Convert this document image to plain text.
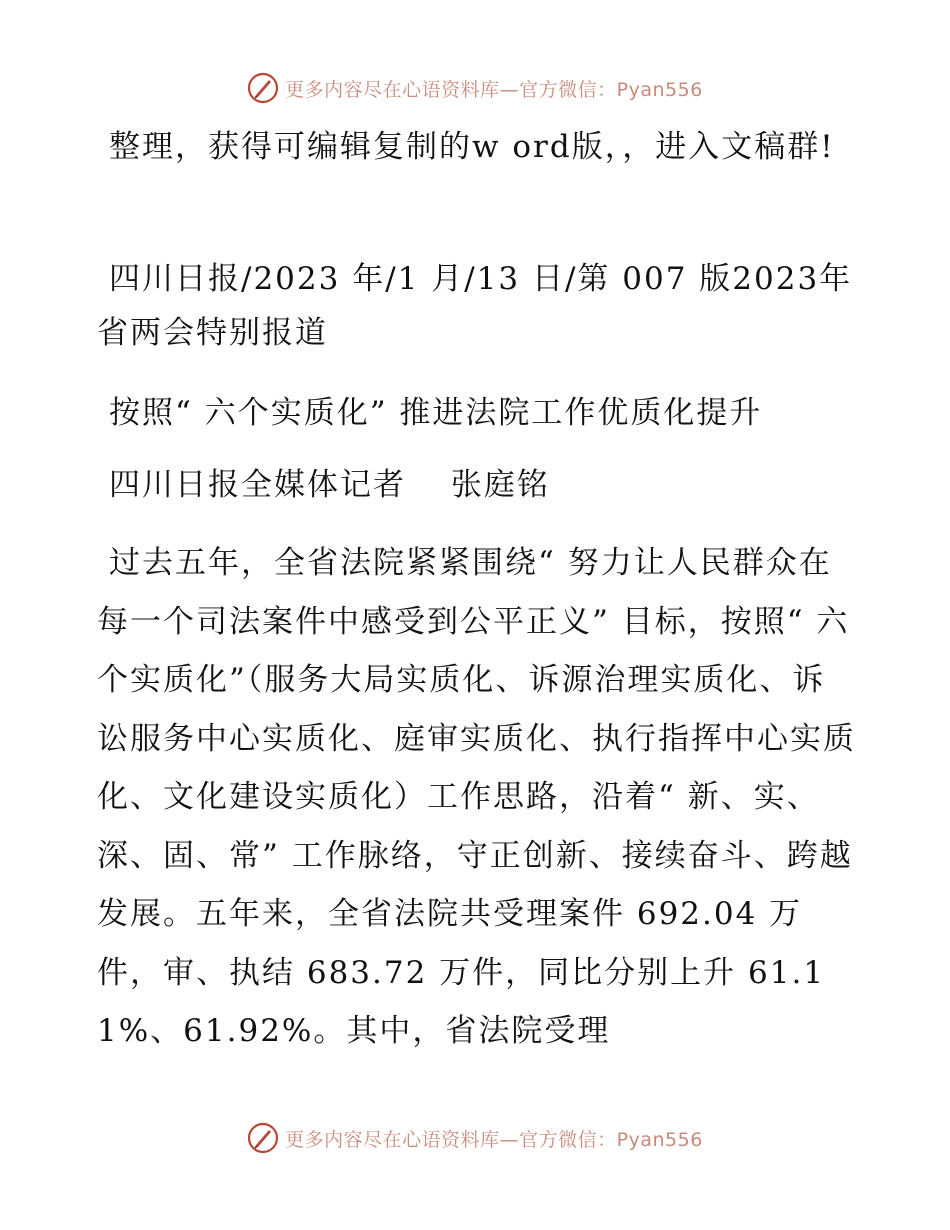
更多内容尽在心语资料库—官方微信：Pyan556

整理，获得可编辑复制的w ord版，，进入文稿群!

四川日报/2023 年/1 月/13 日/第 007 版2023年省两会特别报道

按照“ 六个实质化” 推进法院工作优质化提升

四川日报全媒体记者　 张庭铭

过去五年，全省法院紧紧围绕“ 努力让人民群众在每一个司法案件中感受到公平正义” 目标，按照“ 六个实质化”（服务大局实质化、诉源治理实质化、诉讼服务中心实质化、庭审实质化、执行指挥中心实质化、文化建设实质化）工作思路，沿着“ 新、实、深、固、常” 工作脉络，守正创新、接续奋斗、跨越发展。五年来，全省法院共受理案件 692.04 万件，审、执结 683.72 万件，同比分别上升 61.11%、61.92%。其中，省法院受理

更多内容尽在心语资料库—官方微信：Pyan556
